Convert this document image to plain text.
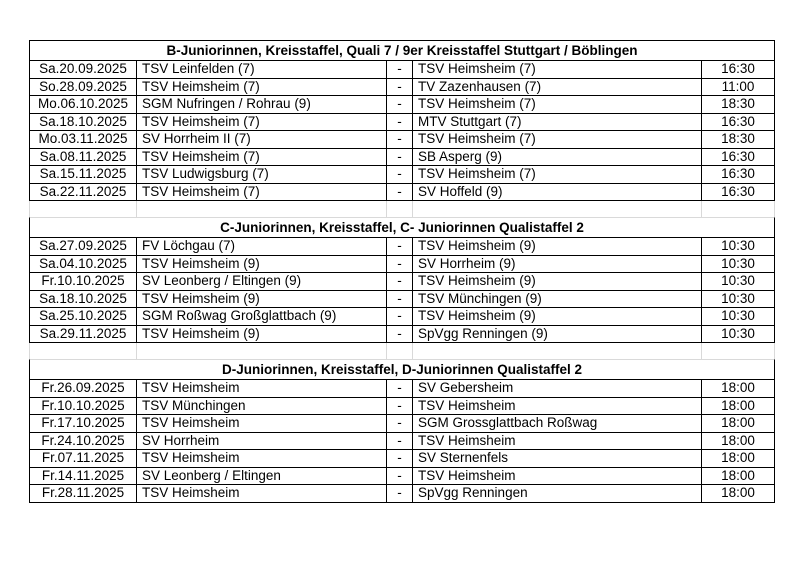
B-Juniorinnen, Kreisstaffel, Quali 7 / 9er Kreisstaffel Stuttgart / Böblingen
Sa.20.09.2025	TSV Leinfelden (7)	-	TSV Heimsheim (7)	16:30
So.28.09.2025	TSV Heimsheim (7)	-	TV Zazenhausen (7)	11:00
Mo.06.10.2025	SGM Nufringen / Rohrau (9)	-	TSV Heimsheim (7)	18:30
Sa.18.10.2025	TSV Heimsheim (7)	-	MTV Stuttgart (7)	16:30
Mo.03.11.2025	SV Horrheim II (7)	-	TSV Heimsheim (7)	18:30
Sa.08.11.2025	TSV Heimsheim (7)	-	SB Asperg (9)	16:30
Sa.15.11.2025	TSV Ludwigsburg (7)	-	TSV Heimsheim (7)	16:30
Sa.22.11.2025	TSV Heimsheim (7)	-	SV Hoffeld (9)	16:30
C-Juniorinnen, Kreisstaffel, C- Juniorinnen Qualistaffel 2
Sa.27.09.2025	FV Löchgau (7)	-	TSV Heimsheim (9)	10:30
Sa.04.10.2025	TSV Heimsheim (9)	-	SV Horrheim (9)	10:30
Fr.10.10.2025	SV Leonberg / Eltingen (9)	-	TSV Heimsheim (9)	10:30
Sa.18.10.2025	TSV Heimsheim (9)	-	TSV Münchingen (9)	10:30
Sa.25.10.2025	SGM Roßwag Großglattbach (9)	-	TSV Heimsheim (9)	10:30
Sa.29.11.2025	TSV Heimsheim (9)	-	SpVgg Renningen (9)	10:30
D-Juniorinnen, Kreisstaffel, D-Juniorinnen Qualistaffel 2
Fr.26.09.2025	TSV Heimsheim	-	SV Gebersheim	18:00
Fr.10.10.2025	TSV Münchingen	-	TSV Heimsheim	18:00
Fr.17.10.2025	TSV Heimsheim	-	SGM Grossglattbach Roßwag	18:00
Fr.24.10.2025	SV Horrheim	-	TSV Heimsheim	18:00
Fr.07.11.2025	TSV Heimsheim	-	SV Sternenfels	18:00
Fr.14.11.2025	SV Leonberg / Eltingen	-	TSV Heimsheim	18:00
Fr.28.11.2025	TSV Heimsheim	-	SpVgg Renningen	18:00
